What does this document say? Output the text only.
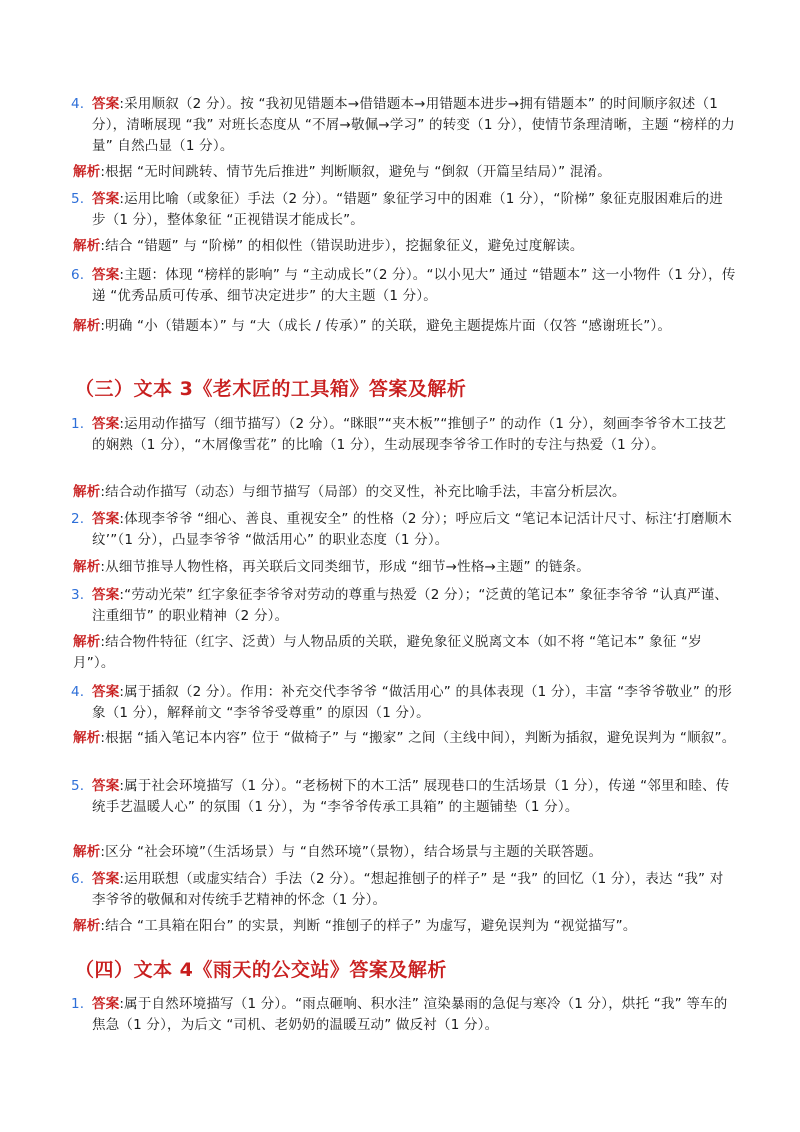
4. 答案:采用顺叙（2 分）。按 “我初见错题本→借错题本→用错题本进步→拥有错题本” 的时间顺序叙述（1 分），清晰展现 “我” 对班长态度从 “不屑→敬佩→学习” 的转变（1 分），使情节条理清晰，主题 “榜样的力量” 自然凸显（1 分）。
解析:根据 “无时间跳转、情节先后推进” 判断顺叙，避免与 “倒叙（开篇呈结局）” 混淆。
5. 答案:运用比喻（或象征）手法（2 分）。“错题” 象征学习中的困难（1 分），“阶梯” 象征克服困难后的进步（1 分），整体象征 “正视错误才能成长”。
解析:结合 “错题” 与 “阶梯” 的相似性（错误助进步），挖掘象征义，避免过度解读。
6. 答案:主题：体现 “榜样的影响” 与 “主动成长”（2 分）。“以小见大” 通过 “错题本” 这一小物件（1 分），传递 “优秀品质可传承、细节决定进步” 的大主题（1 分）。
解析:明确 “小（错题本）” 与 “大（成长 / 传承）” 的关联，避免主题提炼片面（仅答 “感谢班长”）。
（三）文本 3《老木匠的工具箱》答案及解析
1. 答案:运用动作描写（细节描写）（2 分）。“眯眼”“夹木板”“推刨子” 的动作（1 分），刻画李爷爷木工技艺的娴熟（1 分），“木屑像雪花” 的比喻（1 分），生动展现李爷爷工作时的专注与热爱（1 分）。
解析:结合动作描写（动态）与细节描写（局部）的交叉性，补充比喻手法，丰富分析层次。
2. 答案:体现李爷爷 “细心、善良、重视安全” 的性格（2 分）；呼应后文 “笔记本记活计尺寸、标注‘打磨顺木纹’”（1 分），凸显李爷爷 “做活用心” 的职业态度（1 分）。
解析:从细节推导人物性格，再关联后文同类细节，形成 “细节→性格→主题” 的链条。
3. 答案:“劳动光荣” 红字象征李爷爷对劳动的尊重与热爱（2 分）；“泛黄的笔记本” 象征李爷爷 “认真严谨、注重细节” 的职业精神（2 分）。
解析:结合物件特征（红字、泛黄）与人物品质的关联，避免象征义脱离文本（如不将 “笔记本” 象征 “岁月”）。
4. 答案:属于插叙（2 分）。作用：补充交代李爷爷 “做活用心” 的具体表现（1 分），丰富 “李爷爷敬业” 的形象（1 分），解释前文 “李爷爷受尊重” 的原因（1 分）。
解析:根据 “插入笔记本内容” 位于 “做椅子” 与 “搬家” 之间（主线中间），判断为插叙，避免误判为 “顺叙”。
5. 答案:属于社会环境描写（1 分）。“老杨树下的木工活” 展现巷口的生活场景（1 分），传递 “邻里和睦、传统手艺温暖人心” 的氛围（1 分），为 “李爷爷传承工具箱” 的主题铺垫（1 分）。
解析:区分 “社会环境”（生活场景）与 “自然环境”（景物），结合场景与主题的关联答题。
6. 答案:运用联想（或虚实结合）手法（2 分）。“想起推刨子的样子” 是 “我” 的回忆（1 分），表达 “我” 对李爷爷的敬佩和对传统手艺精神的怀念（1 分）。
解析:结合 “工具箱在阳台” 的实景，判断 “推刨子的样子” 为虚写，避免误判为 “视觉描写”。
（四）文本 4《雨天的公交站》答案及解析
1. 答案:属于自然环境描写（1 分）。“雨点砸响、积水洼” 渲染暴雨的急促与寒冷（1 分），烘托 “我” 等车的焦急（1 分），为后文 “司机、老奶奶的温暖互动” 做反衬（1 分）。
